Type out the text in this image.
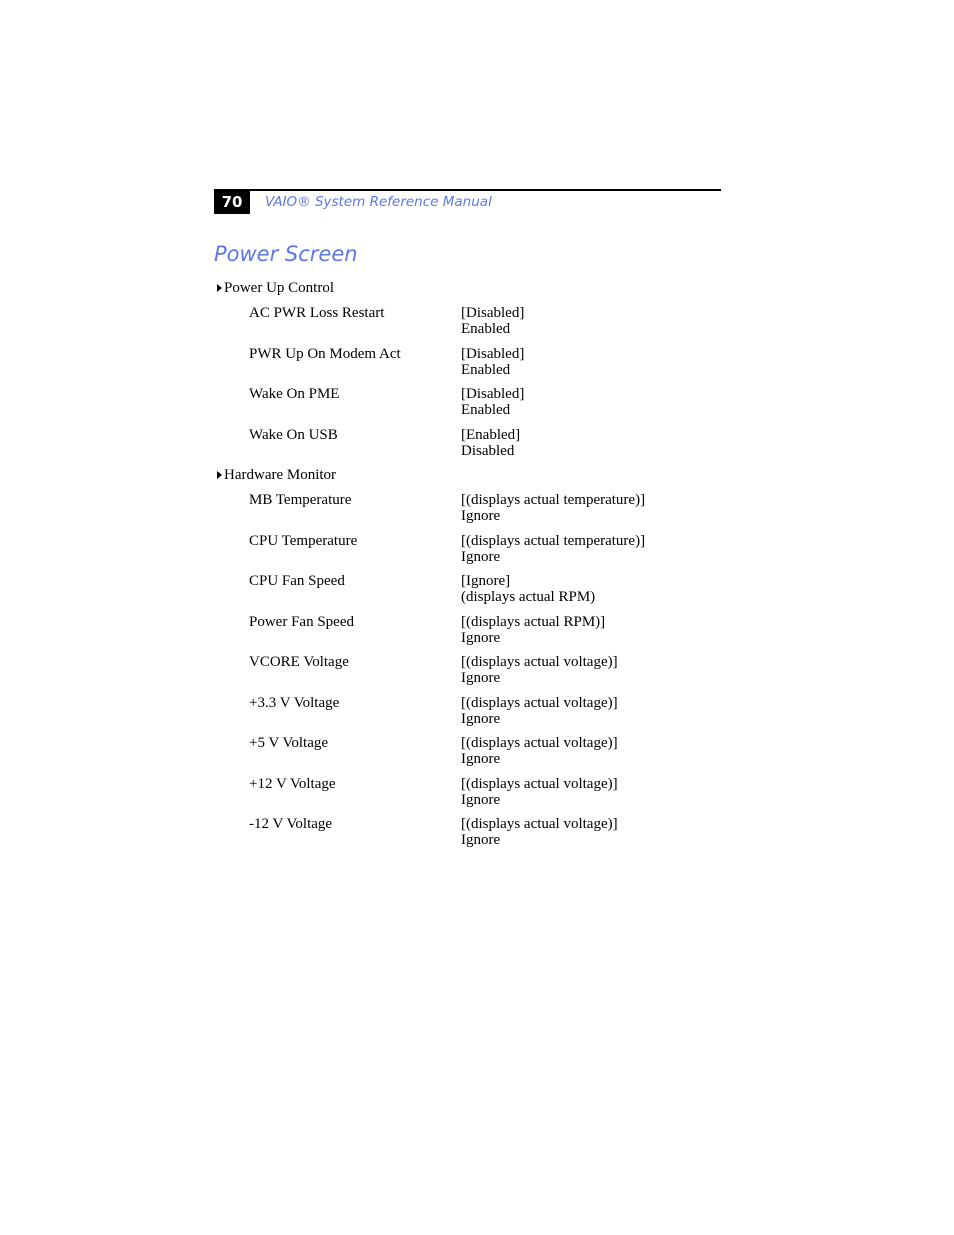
70	VAIO® System Reference Manual
Power Screen
Power Up Control
AC PWR Loss Restart	[Disabled]
Enabled
PWR Up On Modem Act	[Disabled]
Enabled
Wake On PME	[Disabled]
Enabled
Wake On USB	[Enabled]
Disabled
Hardware Monitor
MB Temperature	[(displays actual temperature)]
Ignore
CPU Temperature	[(displays actual temperature)]
Ignore
CPU Fan Speed	[Ignore]
(displays actual RPM)
Power Fan Speed	[(displays actual RPM)]
Ignore
VCORE Voltage	[(displays actual voltage)]
Ignore
+3.3 V Voltage	[(displays actual voltage)]
Ignore
+5 V Voltage	[(displays actual voltage)]
Ignore
+12 V Voltage	[(displays actual voltage)]
Ignore
-12 V Voltage	[(displays actual voltage)]
Ignore
